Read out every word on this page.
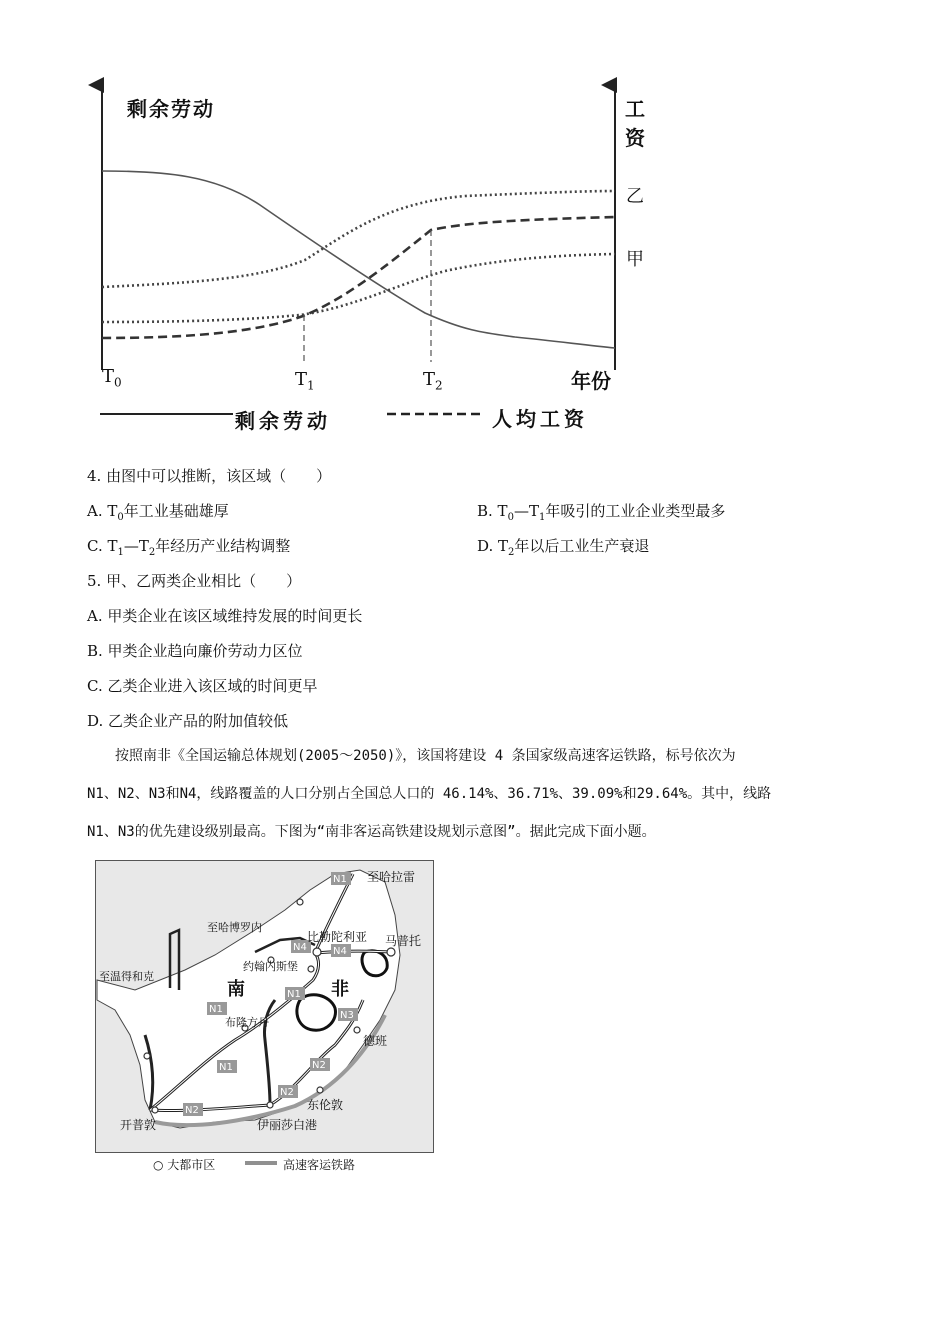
剩余劳动	工资
年份
乙
甲
$T_0$	$T_1$	$T_2$
剩余劳动	人均工资
4. 由图中可以推断，该区域（　　）
A. $T_0$年工业基础雄厚	B. $T_0—T_1$年吸引的工业企业类型最多
C. $T_1—T_2$年经历产业结构调整	D. $T_2$年以后工业生产衰退
5. 甲、乙两类企业相比（　　）
A. 甲类企业在该区域维持发展的时间更长
B. 甲类企业趋向廉价劳动力区位
C. 乙类企业进入该区域的时间更早
D. 乙类企业产品的附加值较低
　　按照南非《全国运输总体规划(2005～2050)》，该国将建设 4 条国家级高速客运铁路，标号依次为
N1、N2、N3和N4，线路覆盖的人口分别占全国总人口的 46.14%、36.71%、39.09%和29.64%。其中，线路
N1、N3的优先建设级别最高。下图为“南非客运高铁建设规划示意图”。据此完成下面小题。
N1
N4	N4
N1
N1
N3
N1	N2
N2
N2
至哈拉雷
至哈博罗内
比勒陀利亚 马普托
约翰内斯堡
至温得和克
南	非
布隆方丹
德班
东伦敦
开普敦	伊丽莎白港
○ 大都市区	高速客运铁路
